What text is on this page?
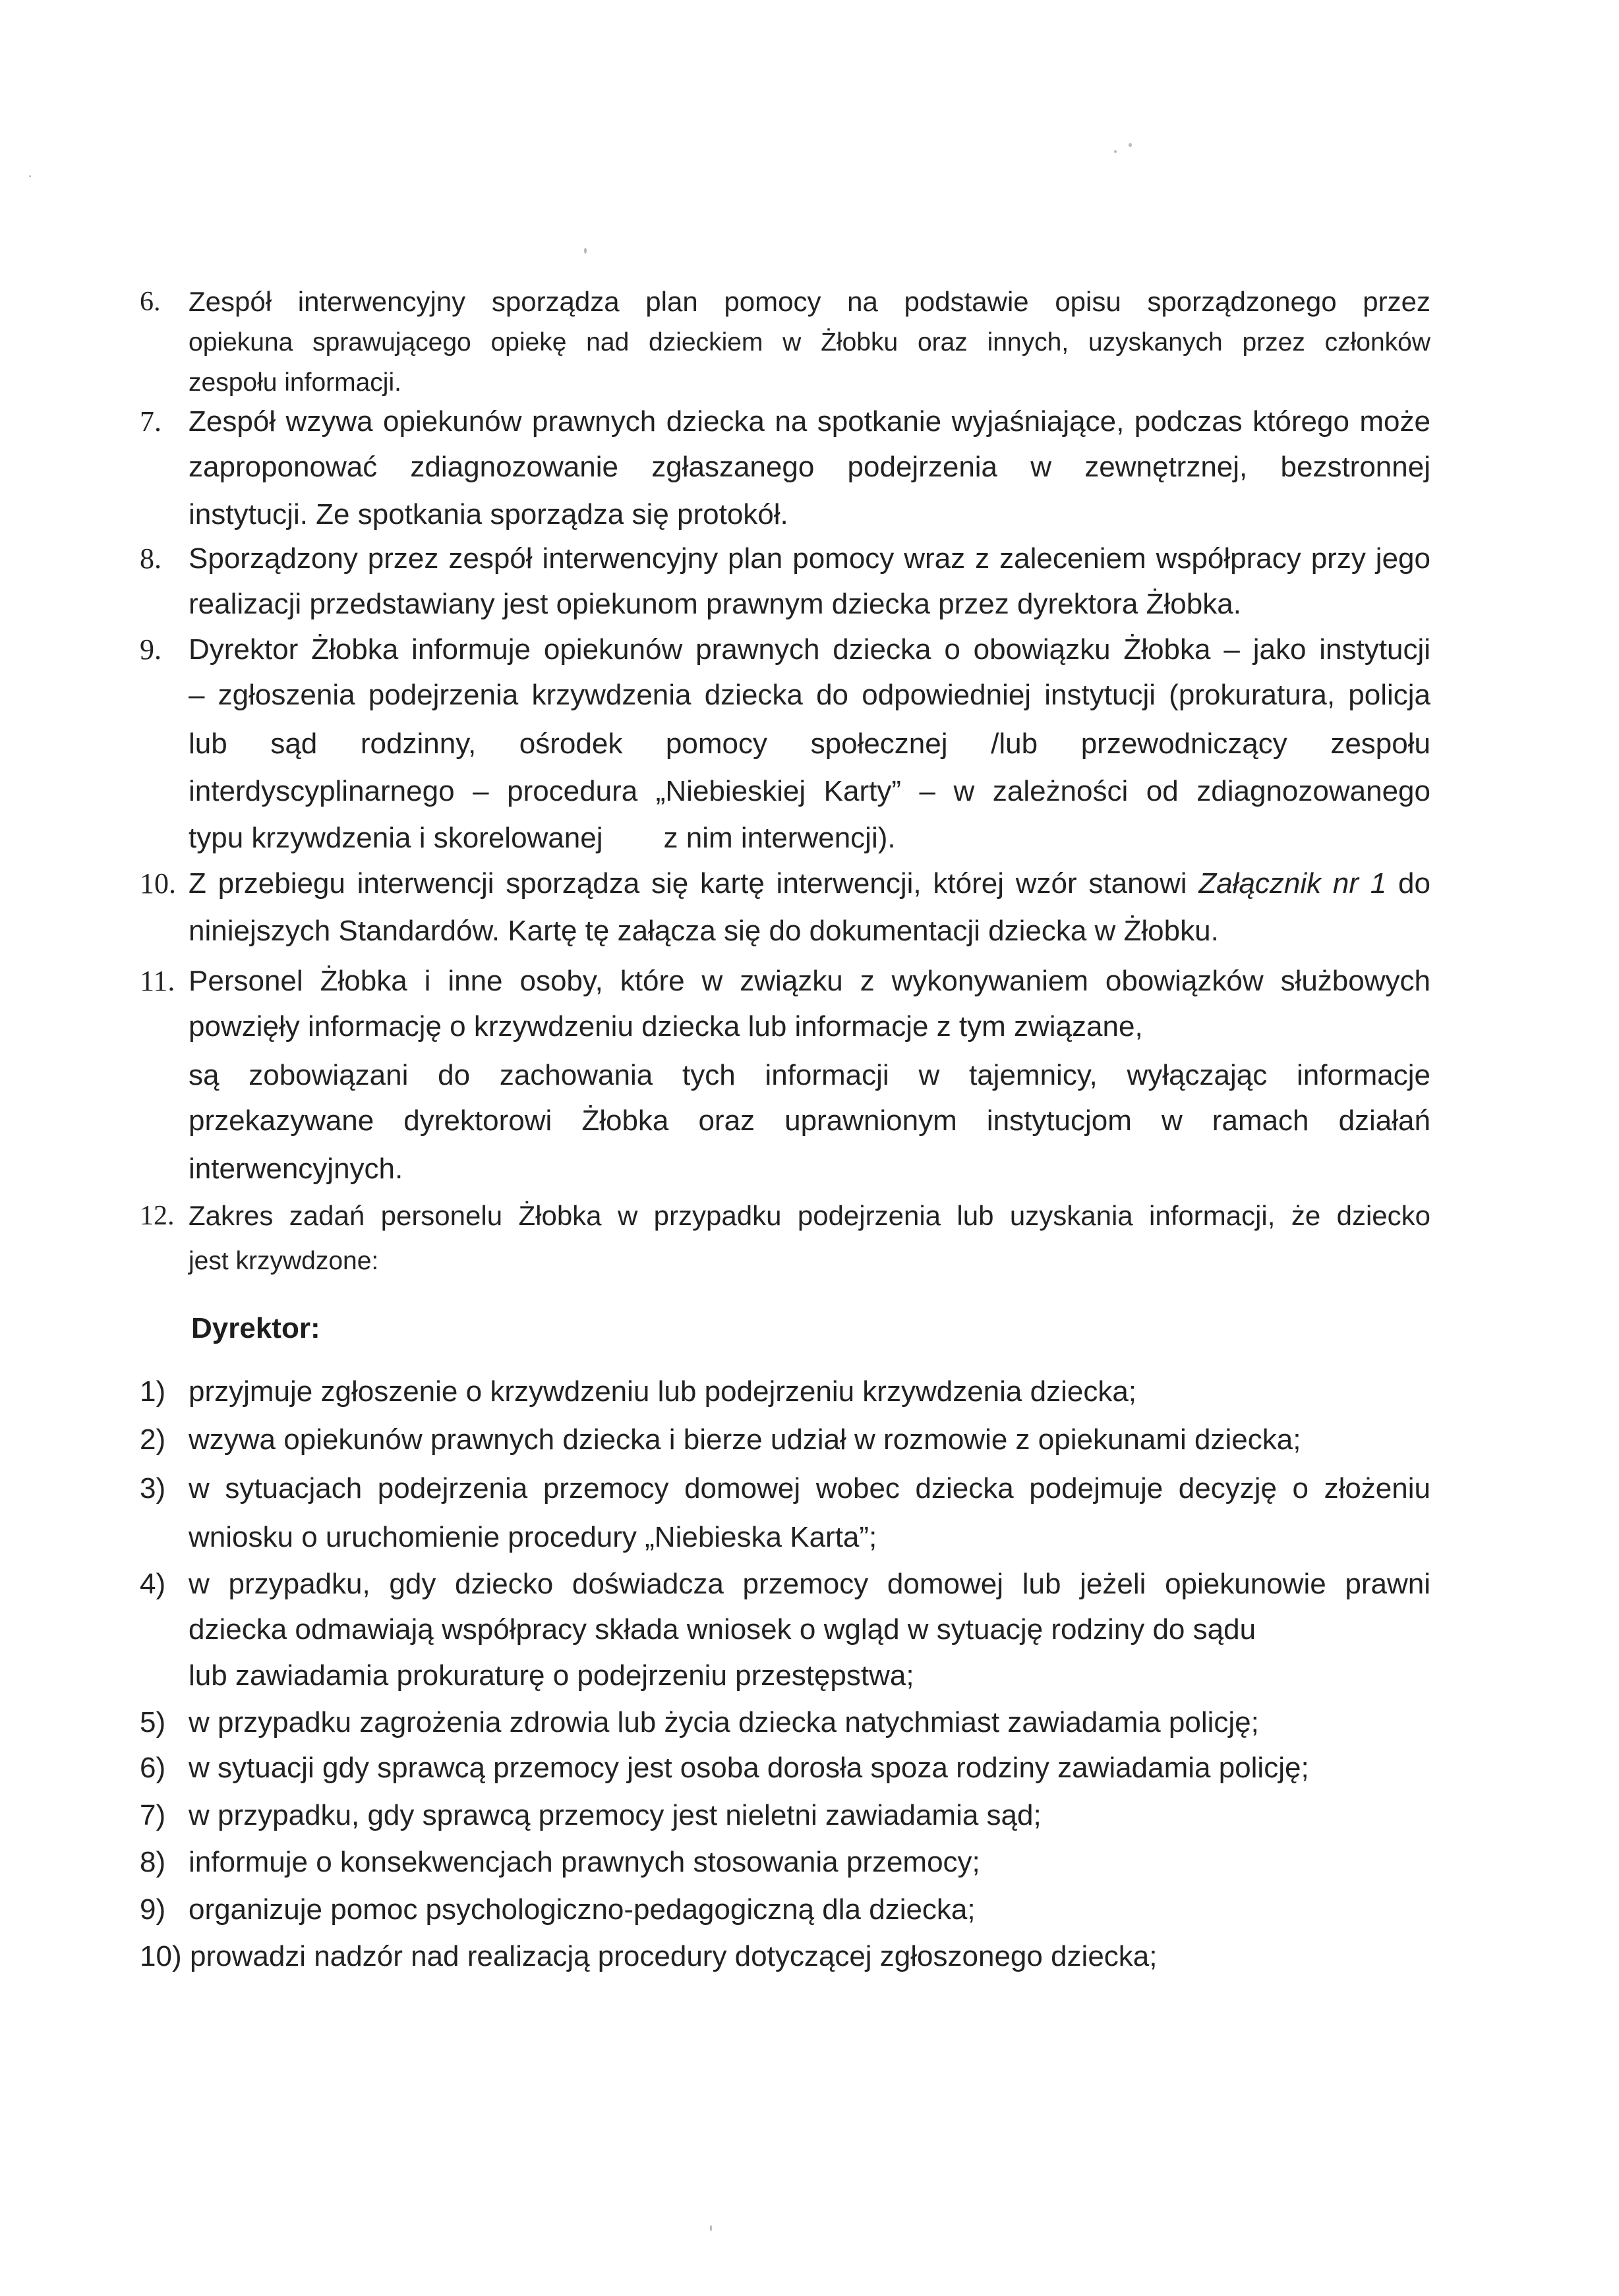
6. Zespół interwencyjny sporządza plan pomocy na podstawie opisu sporządzonego przez
opiekuna sprawującego opiekę nad dzieckiem w Żłobku oraz innych, uzyskanych przez członków
zespołu informacji.
7. Zespół wzywa opiekunów prawnych dziecka na spotkanie wyjaśniające, podczas którego może
zaproponować zdiagnozowanie zgłaszanego podejrzenia w zewnętrznej, bezstronnej
instytucji. Ze spotkania sporządza się protokół.
8. Sporządzony przez zespół interwencyjny plan pomocy wraz z zaleceniem współpracy przy jego
realizacji przedstawiany jest opiekunom prawnym dziecka przez dyrektora Żłobka.
9. Dyrektor Żłobka informuje opiekunów prawnych dziecka o obowiązku Żłobka – jako instytucji
– zgłoszenia podejrzenia krzywdzenia dziecka do odpowiedniej instytucji (prokuratura, policja
lub sąd rodzinny, ośrodek pomocy społecznej /lub przewodniczący zespołu
interdyscyplinarnego – procedura „Niebieskiej Karty” – w zależności od zdiagnozowanego
typu krzywdzenia i skorelowanej z nim interwencji).
10. Z przebiegu interwencji sporządza się kartę interwencji, której wzór stanowi Załącznik nr 1 do
niniejszych Standardów. Kartę tę załącza się do dokumentacji dziecka w Żłobku.
11. Personel Żłobka i inne osoby, które w związku z wykonywaniem obowiązków służbowych
powzięły informację o krzywdzeniu dziecka lub informacje z tym związane,
są zobowiązani do zachowania tych informacji w tajemnicy, wyłączając informacje
przekazywane dyrektorowi Żłobka oraz uprawnionym instytucjom w ramach działań
interwencyjnych.
12. Zakres zadań personelu Żłobka w przypadku podejrzenia lub uzyskania informacji, że dziecko
jest krzywdzone:
Dyrektor:
1) przyjmuje zgłoszenie o krzywdzeniu lub podejrzeniu krzywdzenia dziecka;
2) wzywa opiekunów prawnych dziecka i bierze udział w rozmowie z opiekunami dziecka;
3) w sytuacjach podejrzenia przemocy domowej wobec dziecka podejmuje decyzję o złożeniu
wniosku o uruchomienie procedury „Niebieska Karta”;
4) w przypadku, gdy dziecko doświadcza przemocy domowej lub jeżeli opiekunowie prawni
dziecka odmawiają współpracy składa wniosek o wgląd w sytuację rodziny do sądu
lub zawiadamia prokuraturę o podejrzeniu przestępstwa;
5) w przypadku zagrożenia zdrowia lub życia dziecka natychmiast zawiadamia policję;
6) w sytuacji gdy sprawcą przemocy jest osoba dorosła spoza rodziny zawiadamia policję;
7) w przypadku, gdy sprawcą przemocy jest nieletni zawiadamia sąd;
8) informuje o konsekwencjach prawnych stosowania przemocy;
9) organizuje pomoc psychologiczno-pedagogiczną dla dziecka;
10) prowadzi nadzór nad realizacją procedury dotyczącej zgłoszonego dziecka;
